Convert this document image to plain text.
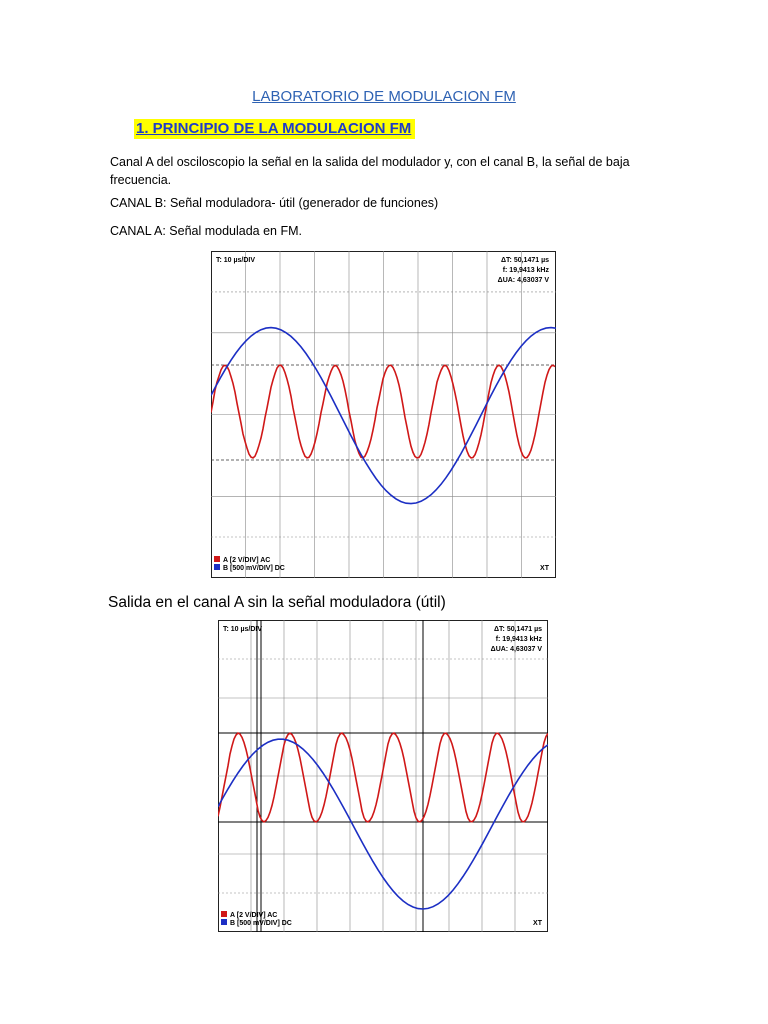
LABORATORIO DE MODULACION FM
1. PRINCIPIO DE LA MODULACION FM
Canal A del osciloscopio la señal en la salida del modulador y, con el canal B, la señal de baja frecuencia.
CANAL B: Señal moduladora- útil (generador de funciones)
CANAL A: Señal modulada en FM.
Salida en el canal A sin la señal moduladora (útil)
T: 10 µs/DIV	ΔT: 50,1471 µs
f: 19,9413 kHz
ΔUA: 4,63037 V
A [2 V/DIV] AC
B [500 mV/DIV] DC	XT
T: 10 µs/DIV	ΔT: 50,1471 µs
f: 19,9413 kHz
ΔUA: 4,63037 V
A [2 V/DIV] AC
B [500 mV/DIV] DC	XT
